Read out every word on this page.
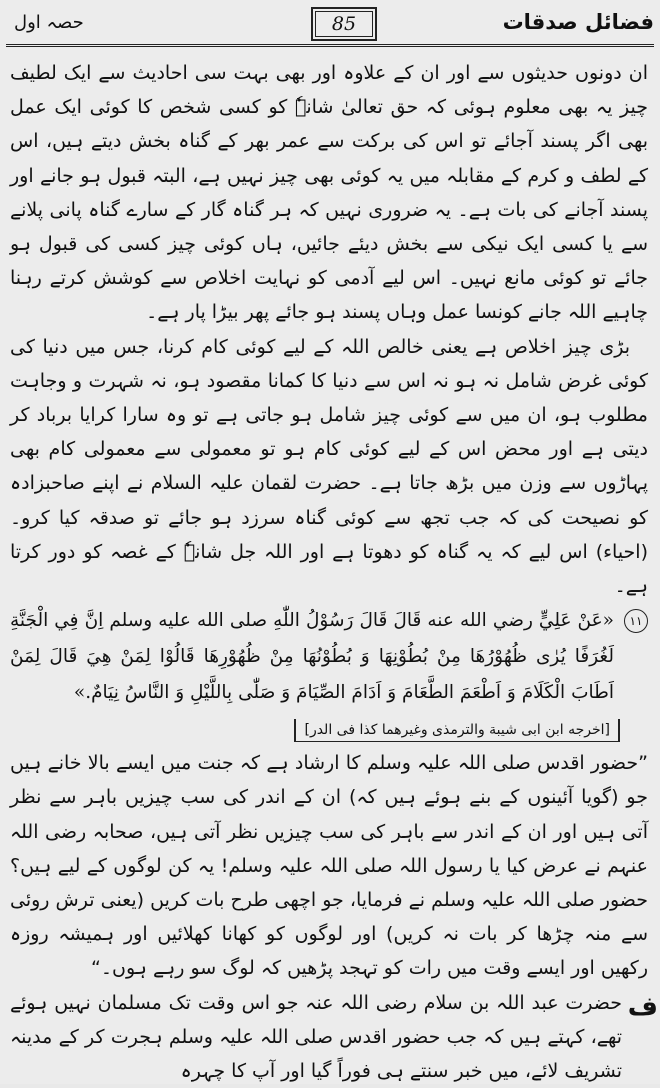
فضائل صدقات
85
حصہ اول

ان دونوں حدیثوں سے اور ان کے علاوہ اور بھی بہت سی احادیث سے ایک لطیف چیز یہ بھی معلوم ہوئی کہ حق تعالیٰ شانہٗ کو کسی شخص کا کوئی ایک عمل بھی اگر پسند آجائے تو اس کی برکت سے عمر بھر کے گناہ بخش دیتے ہیں، اس کے لطف و کرم کے مقابلہ میں یہ کوئی بھی چیز نہیں ہے، البتہ قبول ہو جانے اور پسند آجانے کی بات ہے۔ یہ ضروری نہیں کہ ہر گناہ گار کے سارے گناہ پانی پلانے سے یا کسی ایک نیکی سے بخش دیئے جائیں، ہاں کوئی چیز کسی کی قبول ہو جائے تو کوئی مانع نہیں۔ اس لیے آدمی کو نہایت اخلاص سے کوشش کرتے رہنا چاہیے اللہ جانے کونسا عمل وہاں پسند ہو جائے پھر بیڑا پار ہے۔

بڑی چیز اخلاص ہے یعنی خالص اللہ کے لیے کوئی کام کرنا، جس میں دنیا کی کوئی غرض شامل نہ ہو نہ اس سے دنیا کا کمانا مقصود ہو، نہ شہرت و وجاہت مطلوب ہو، ان میں سے کوئی چیز شامل ہو جاتی ہے تو وہ سارا کرایا برباد کر دیتی ہے اور محض اس کے لیے کوئی کام ہو تو معمولی سے معمولی کام بھی پہاڑوں سے وزن میں بڑھ جاتا ہے۔ حضرت لقمان علیہ السلام نے اپنے صاحبزادہ کو نصیحت کی کہ جب تجھ سے کوئی گناہ سرزد ہو جائے تو صدقہ کیا کرو۔ (احیاء) اس لیے کہ یہ گناہ کو دھوتا ہے اور اللہ جل شانہٗ کے غصہ کو دور کرتا ہے۔

١١
«عَنْ عَلِيٍّ رضي الله عنه قَالَ قَالَ رَسُوْلُ اللّٰهِ صلى الله عليه وسلم اِنَّ فِي الْجَنَّةِ لَغُرَفًا يُرٰى ظُهُوْرُهَا مِنْ بُطُوْنِهَا وَ بُطُوْنُهَا مِنْ ظُهُوْرِهَا قَالُوْا لِمَنْ هِيَ قَالَ لِمَنْ اَطَابَ الْكَلَامَ وَ اَطْعَمَ الطَّعَامَ وَ اَدَامَ الصِّيَامَ وَ صَلّٰى بِاللَّيْلِ وَ النَّاسُ نِيَامٌ.»
[اخرجه ابن ابى شيبة والترمذى وغيرهما كذا فى الدر]

”حضور اقدس صلی اللہ علیہ وسلم کا ارشاد ہے کہ جنت میں ایسے بالا خانے ہیں جو (گویا آئینوں کے بنے ہوئے ہیں کہ) ان کے اندر کی سب چیزیں باہر سے نظر آتی ہیں اور ان کے اندر سے باہر کی سب چیزیں نظر آتی ہیں، صحابہ رضی اللہ عنہم نے عرض کیا یا رسول اللہ صلی اللہ علیہ وسلم! یہ کن لوگوں کے لیے ہیں؟ حضور صلی اللہ علیہ وسلم نے فرمایا، جو اچھی طرح بات کریں (یعنی ترش روئی سے منہ چڑھا کر بات نہ کریں) اور لوگوں کو کھانا کھلائیں اور ہمیشہ روزہ رکھیں اور ایسے وقت میں رات کو تہجد پڑھیں کہ لوگ سو رہے ہوں۔“

ف

حضرت عبد اللہ بن سلام رضی اللہ عنہ جو اس وقت تک مسلمان نہیں ہوئے تھے، کہتے ہیں کہ جب حضور اقدس صلی اللہ علیہ وسلم ہجرت کر کے مدینہ تشریف لائے، میں خبر سنتے ہی فوراً گیا اور آپ کا چہرہ
